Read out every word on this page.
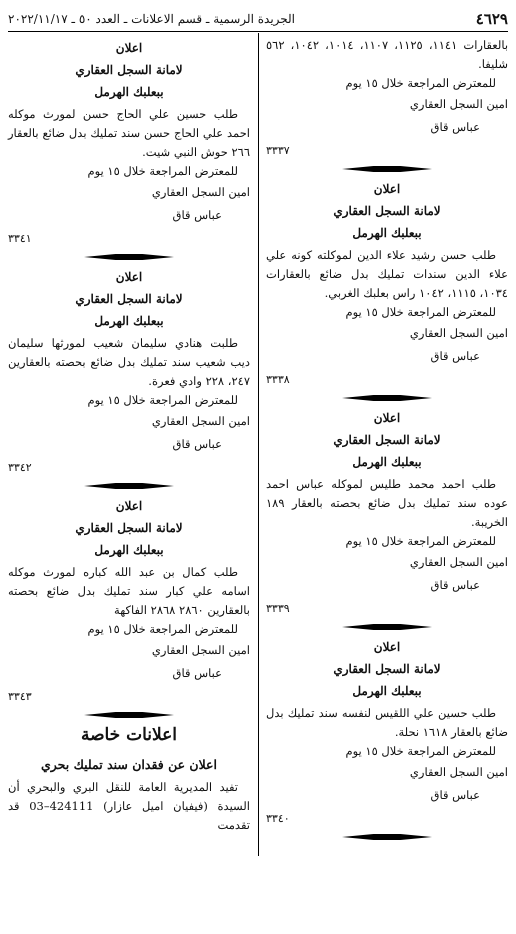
٤٦٢٩
الجريدة الرسمية ـ قسم الاعلانات ـ العدد ٥٠ ـ ٢٠٢٢/١١/١٧

بالعقارات ١١٤١، ١١٢٥، ١١٠٧، ١٠١٤، ١٠٤٢، ٥٦٢ شليفا.

للمعترض المراجعة خلال ١٥ يوم

امين السجل العقاري

عباس قاق

٣٣٣٧

اعلان

لامانة السجل العقاري

ببعلبك الهرمل

طلب حسن رشيد علاء الدين لموكلته كونه علي علاء الدين سندات تمليك بدل ضائع بالعقارات ١٠٣٤، ١١١٥، ١٠٤٢ راس بعلبك الغربي.

للمعترض المراجعة خلال ١٥ يوم

امين السجل العقاري

عباس قاق

٣٣٣٨

اعلان

لامانة السجل العقاري

ببعلبك الهرمل

طلب احمد محمد طليس لموكله عباس احمد عوده سند تمليك بدل ضائع بحصته بالعقار ١٨٩ الخريبة.

للمعترض المراجعة خلال ١٥ يوم

امين السجل العقاري

عباس قاق

٣٣٣٩

اعلان

لامانة السجل العقاري

ببعلبك الهرمل

طلب حسين علي اللقيس لنفسه سند تمليك بدل ضائع بالعقار ١٦١٨ نحلة.

للمعترض المراجعة خلال ١٥ يوم

امين السجل العقاري

عباس قاق

٣٣٤٠

اعلان

لامانة السجل العقاري

ببعلبك الهرمل

طلب حسين علي الحاج حسن لمورث موكله احمد علي الحاج حسن سند تمليك بدل ضائع بالعقار ٢٦٦ حوش النبي شيت.

للمعترض المراجعة خلال ١٥ يوم

امين السجل العقاري

عباس قاق

٣٣٤١

اعلان

لامانة السجل العقاري

ببعلبك الهرمل

طلبت هنادي سليمان شعيب لمورثها سليمان ديب شعيب سند تمليك بدل ضائع بحصته بالعقارين ٢٤٧، ٢٢٨ وادي فعرة.

للمعترض المراجعة خلال ١٥ يوم

امين السجل العقاري

عباس قاق

٣٣٤٢

اعلان

لامانة السجل العقاري

ببعلبك الهرمل

طلب كمال بن عبد الله كباره لمورث موكله اسامه علي كبار سند تمليك بدل ضائع بحصته بالعقارين ٢٨٦٠ ٢٨٦٨ الفاكهة

للمعترض المراجعة خلال ١٥ يوم

امين السجل العقاري

عباس قاق

٣٣٤٣

اعلانات خاصة

اعلان عن فقدان سند تمليك بحري

تفيد المديرية العامة للنقل البري والبحري أن السيدة (فيفيان اميل عازار) 424111–03 قد تقدمت
